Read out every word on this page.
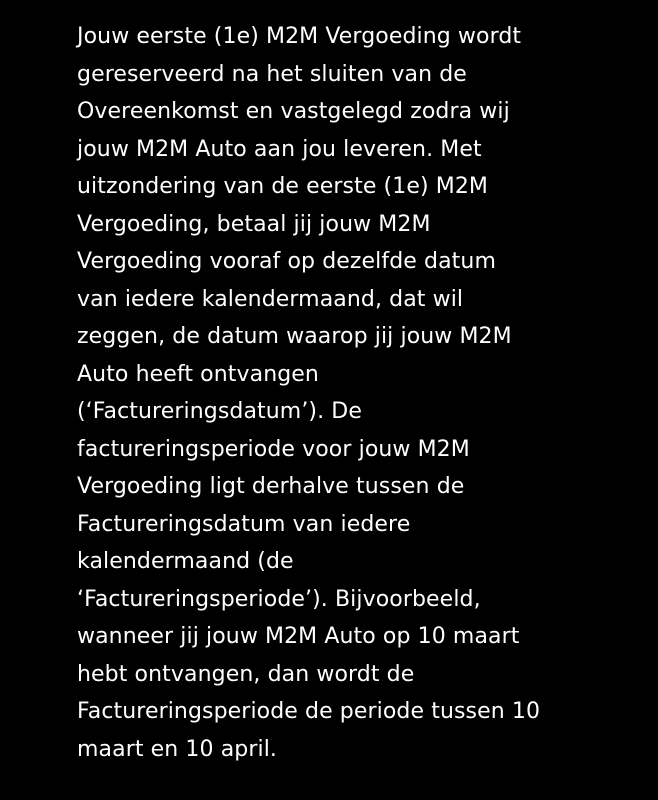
Jouw eerste (1e) M2M Vergoeding wordt
gereserveerd na het sluiten van de
Overeenkomst en vastgelegd zodra wij
jouw M2M Auto aan jou leveren. Met
uitzondering van de eerste (1e) M2M
Vergoeding, betaal jij jouw M2M
Vergoeding vooraf op dezelfde datum
van iedere kalendermaand, dat wil
zeggen, de datum waarop jij jouw M2M
Auto heeft ontvangen
(‘Factureringsdatum’). De
factureringsperiode voor jouw M2M
Vergoeding ligt derhalve tussen de
Factureringsdatum van iedere
kalendermaand (de
‘Factureringsperiode’). Bijvoorbeeld,
wanneer jij jouw M2M Auto op 10 maart
hebt ontvangen, dan wordt de
Factureringsperiode de periode tussen 10
maart en 10 april.
